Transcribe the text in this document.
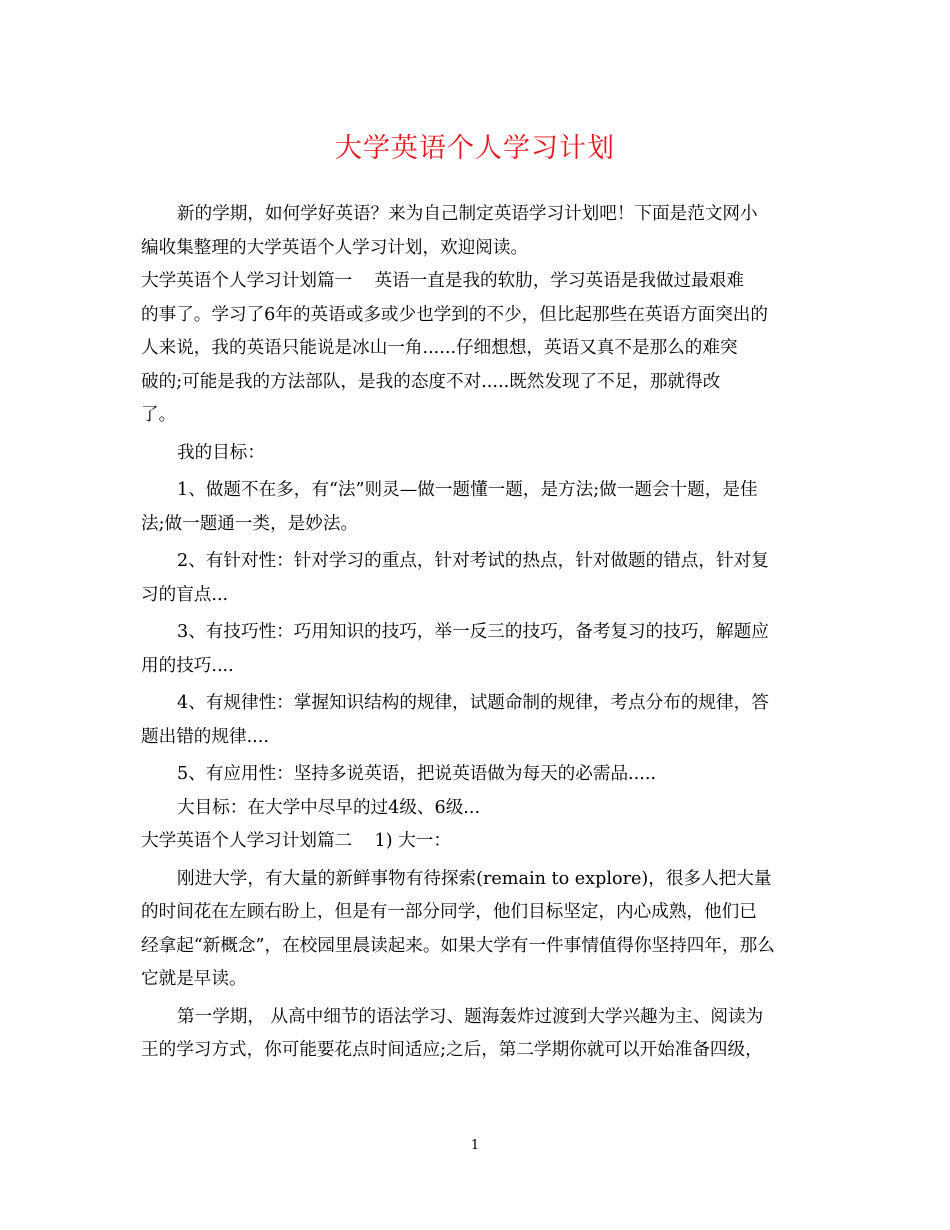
大学英语个人学习计划
新的学期，如何学好英语？来为自己制定英语学习计划吧！下面是范文网小
编收集整理的大学英语个人学习计划，欢迎阅读。
大学英语个人学习计划篇一    英语一直是我的软肋，学习英语是我做过最艰难
的事了。学习了6年的英语或多或少也学到的不少，但比起那些在英语方面突出的
人来说，我的英语只能说是冰山一角......仔细想想，英语又真不是那么的难突
破的;可能是我的方法部队，是我的态度不对.....既然发现了不足，那就得改
了。
我的目标：
1、做题不在多，有“法”则灵—做一题懂一题，是方法;做一题会十题，是佳
法;做一题通一类，是妙法。
2、有针对性：针对学习的重点，针对考试的热点，针对做题的错点，针对复
习的盲点...
3、有技巧性：巧用知识的技巧，举一反三的技巧，备考复习的技巧，解题应
用的技巧....
4、有规律性：掌握知识结构的规律，试题命制的规律，考点分布的规律，答
题出错的规律....
5、有应用性：坚持多说英语，把说英语做为每天的必需品.....
大目标：在大学中尽早的过4级、6级...
大学英语个人学习计划篇二    1) 大一：
刚进大学，有大量的新鲜事物有待探索(remain to explore)，很多人把大量
的时间花在左顾右盼上，但是有一部分同学，他们目标坚定，内心成熟，他们已
经拿起“新概念”，在校园里晨读起来。如果大学有一件事情值得你坚持四年，那么
它就是早读。
第一学期， 从高中细节的语法学习、题海轰炸过渡到大学兴趣为主、阅读为
王的学习方式，你可能要花点时间适应;之后，第二学期你就可以开始准备四级，
1
